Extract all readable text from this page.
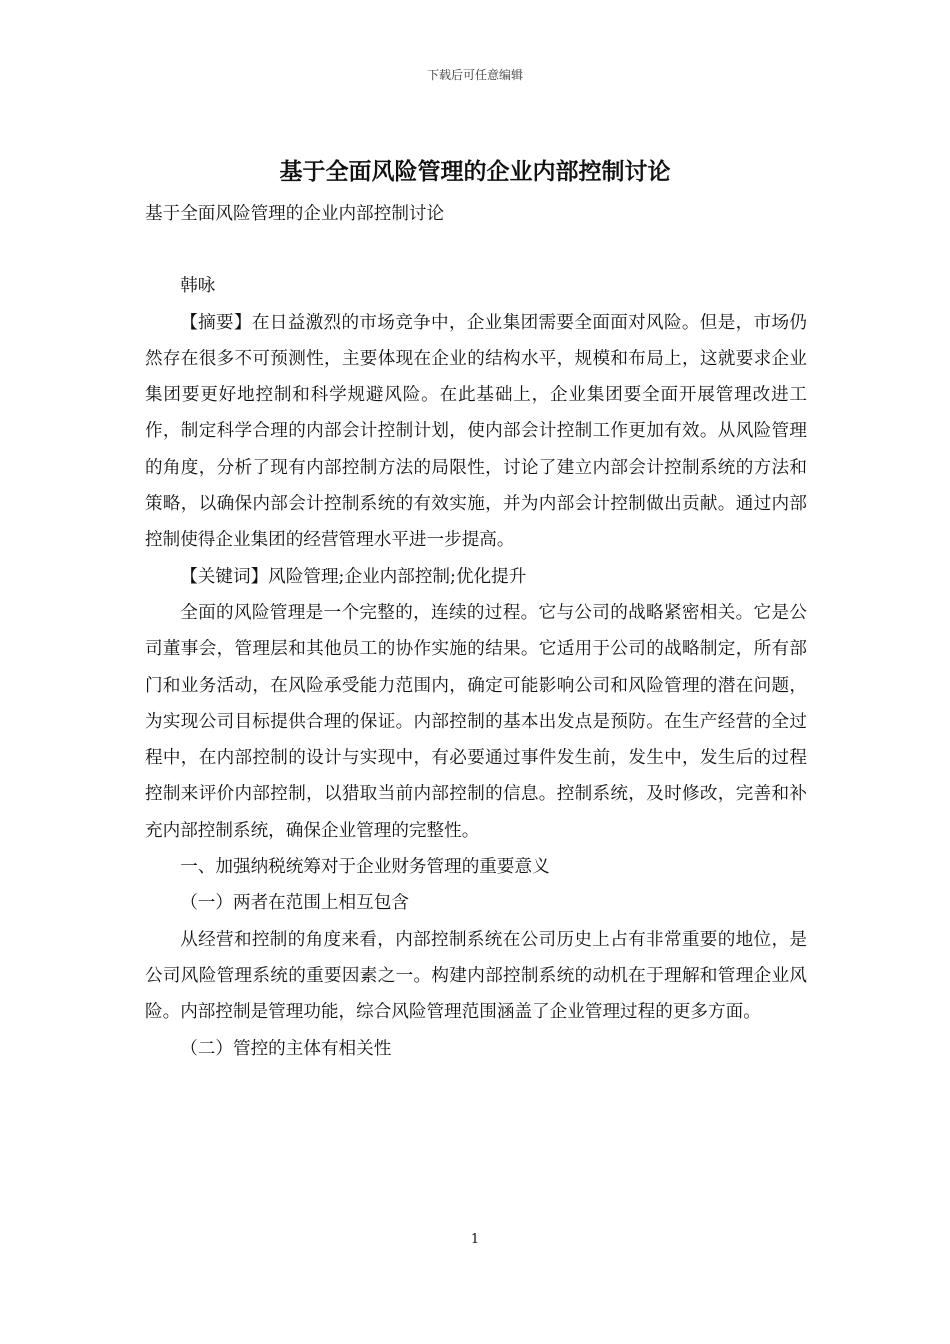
下载后可任意编辑
基于全面风险管理的企业内部控制讨论

基于全面风险管理的企业内部控制讨论

韩咏

【摘要】在日益激烈的市场竞争中，企业集团需要全面面对风险。但是，市场仍然存在很多不可预测性，主要体现在企业的结构水平，规模和布局上，这就要求企业集团要更好地控制和科学规避风险。在此基础上，企业集团要全面开展管理改进工作，制定科学合理的内部会计控制计划，使内部会计控制工作更加有效。从风险管理的角度，分析了现有内部控制方法的局限性，讨论了建立内部会计控制系统的方法和策略，以确保内部会计控制系统的有效实施，并为内部会计控制做出贡献。通过内部控制使得企业集团的经营管理水平进一步提高。

【关键词】风险管理;企业内部控制;优化提升

全面的风险管理是一个完整的，连续的过程。它与公司的战略紧密相关。它是公司董事会，管理层和其他员工的协作实施的结果。它适用于公司的战略制定，所有部门和业务活动，在风险承受能力范围内，确定可能影响公司和风险管理的潜在问题，为实现公司目标提供合理的保证。内部控制的基本出发点是预防。在生产经营的全过程中，在内部控制的设计与实现中，有必要通过事件发生前，发生中，发生后的过程控制来评价内部控制，以猎取当前内部控制的信息。控制系统，及时修改，完善和补充内部控制系统，确保企业管理的完整性。

一、加强纳税统筹对于企业财务管理的重要意义

（一）两者在范围上相互包含

从经营和控制的角度来看，内部控制系统在公司历史上占有非常重要的地位，是公司风险管理系统的重要因素之一。构建内部控制系统的动机在于理解和管理企业风险。内部控制是管理功能，综合风险管理范围涵盖了企业管理过程的更多方面。

（二）管控的主体有相关性

1
